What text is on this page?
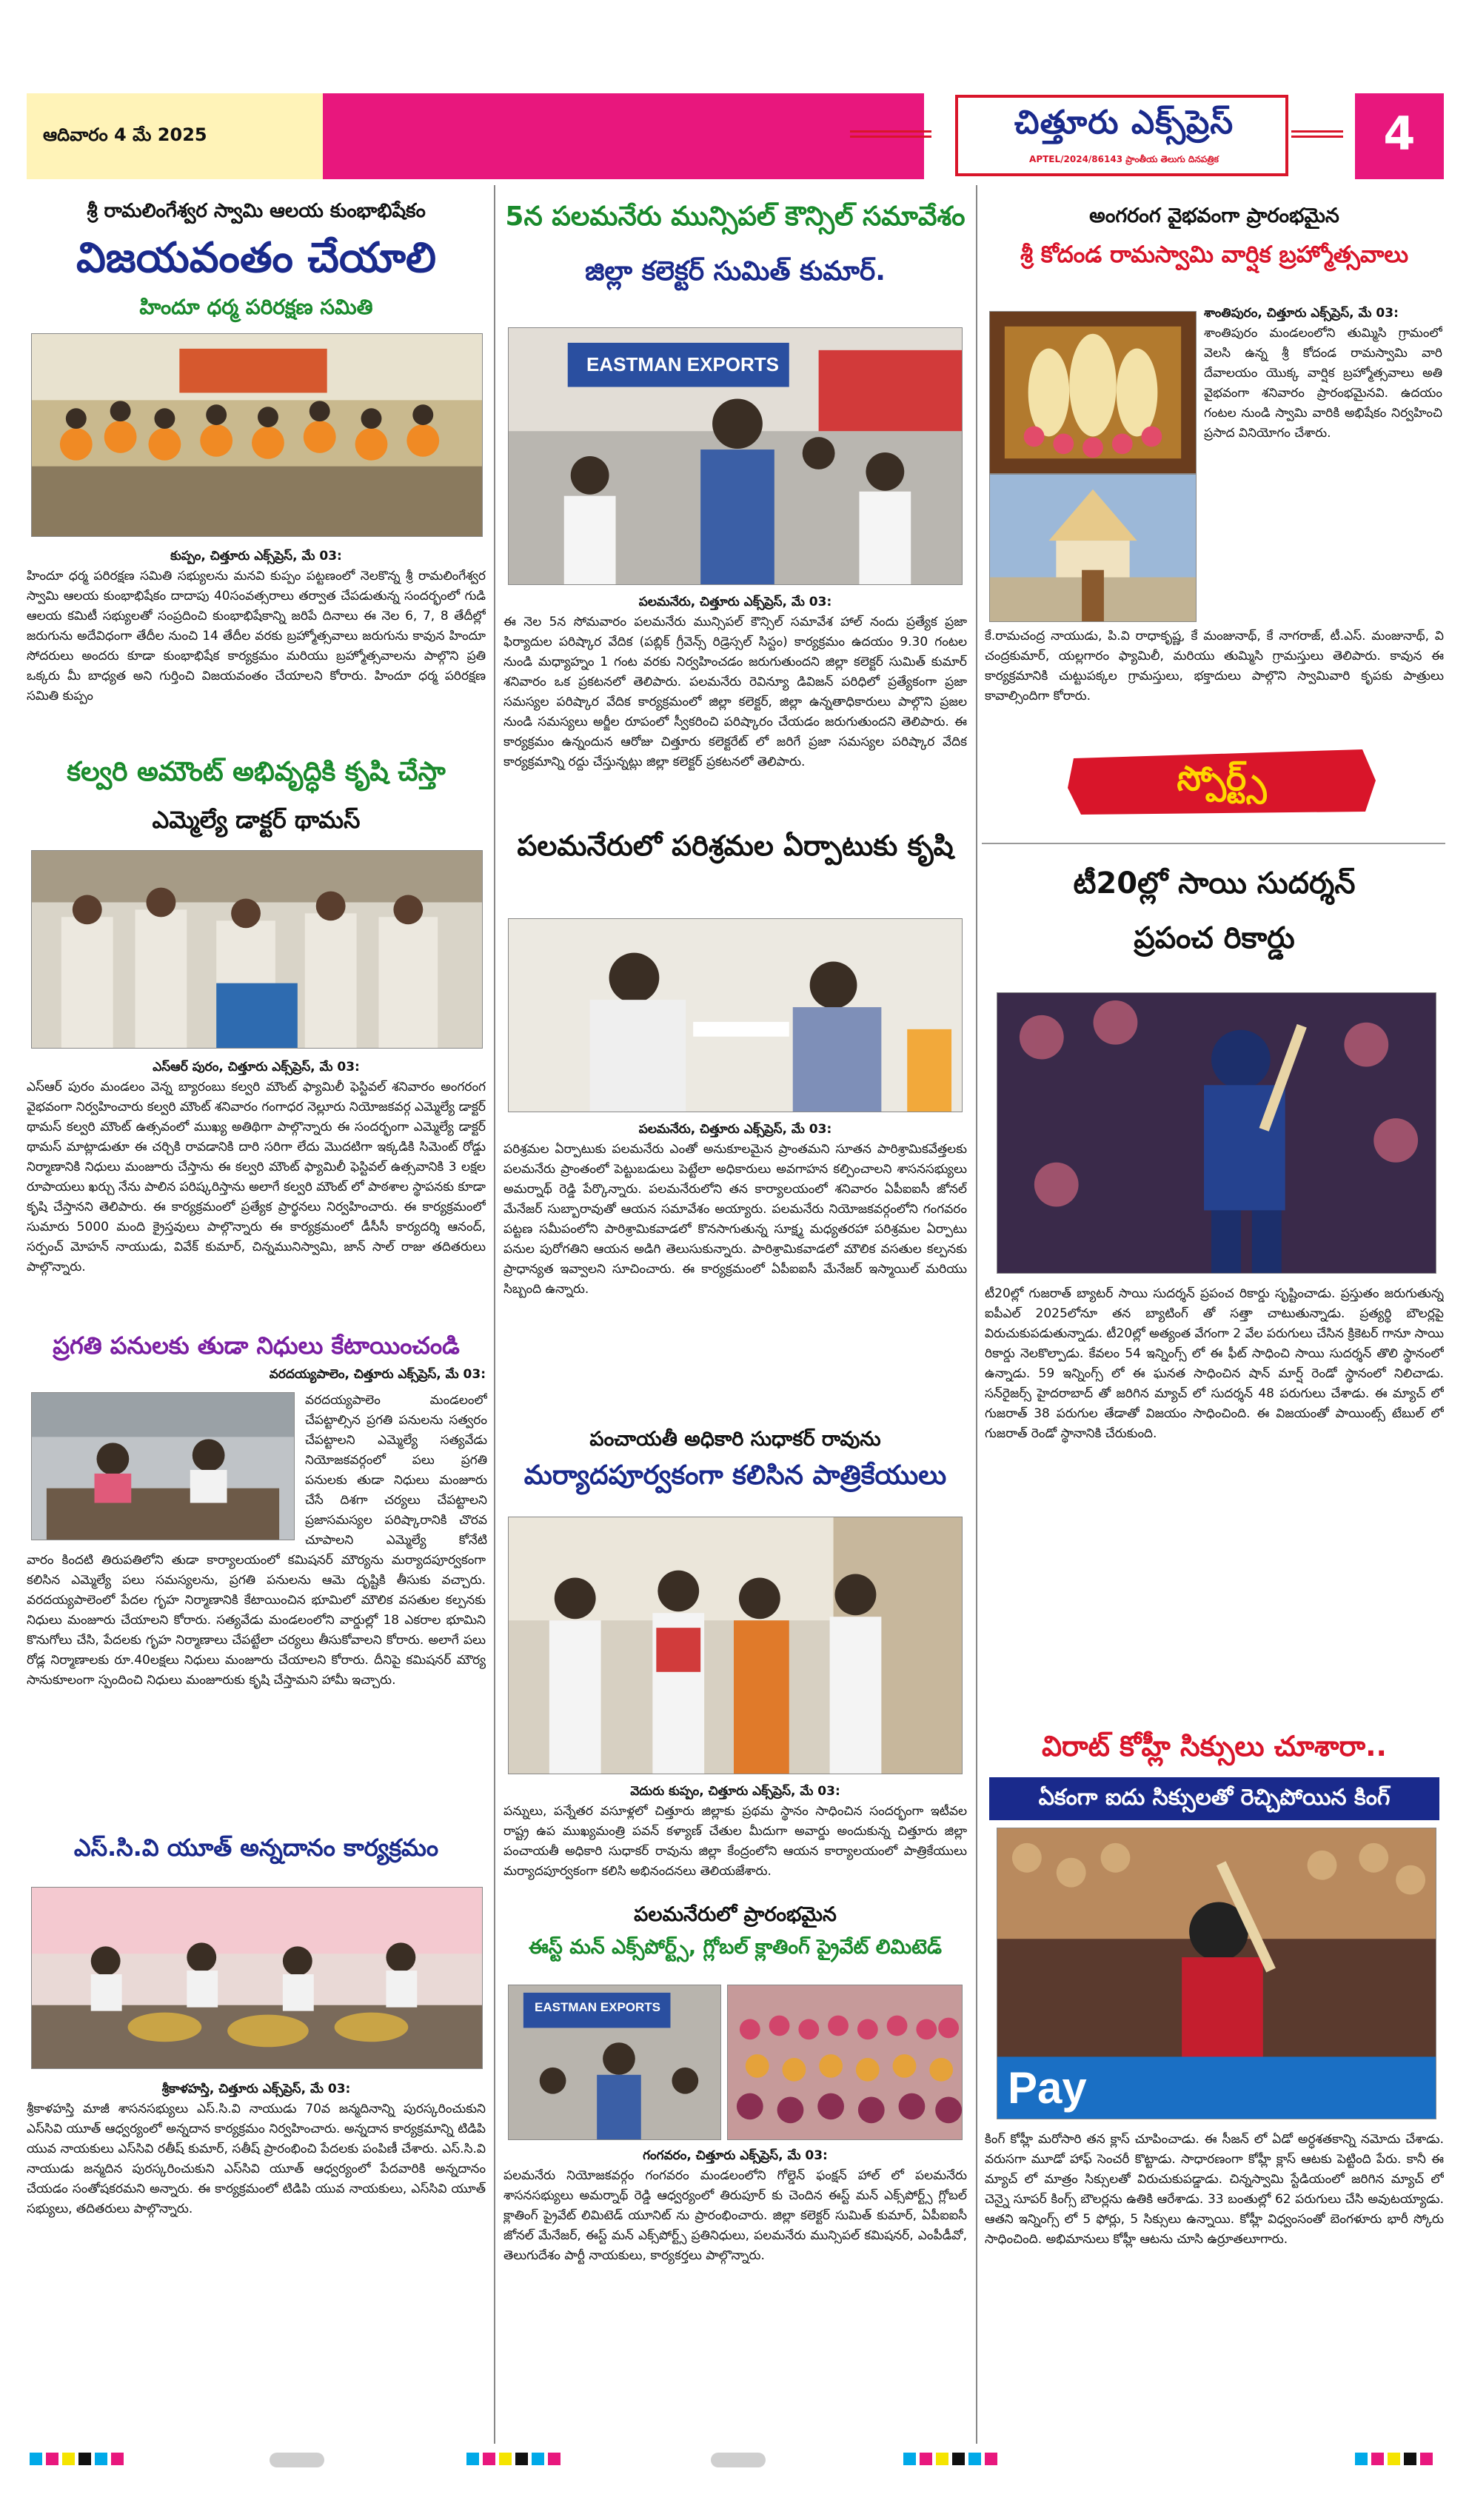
ఆదివారం 4 మే 2025	చిత్తూరు ఎక్స్‌ప్రెస్
APTEL/2024/86143 ప్రాంతీయ తెలుగు దినపత్రిక	4
శ్రీ రామలింగేశ్వర స్వామి ఆలయ కుంభాభిషేకం
విజయవంతం చేయాలి
హిందూ ధర్మ పరిరక్షణ సమితి
కుప్పం, చిత్తూరు ఎక్స్‌ప్రెస్, మే 03:
హిందూ ధర్మ పరిరక్షణ సమితి సభ్యులను మనవి కుప్పం పట్టణంలో నెలకొన్న శ్రీ రామలింగేశ్వర స్వామి ఆలయ కుంభాభిషేకం దాదాపు 40సంవత్సరాలు తర్వాత చేపడుతున్న సందర్భంలో గుడి ఆలయ కమిటీ సభ్యులతో సంప్రదించి కుంభాభిషేకాన్ని జరిపే దినాలు ఈ నెల 6, 7, 8 తేదీల్లో జరుగును అదేవిధంగా తేదీల నుంచి 14 తేదీల వరకు బ్రహ్మోత్సవాలు జరుగును కావున హిందూ సోదరులు అందరు కూడా కుంభాభిషేక కార్యక్రమం మరియు బ్రహ్మోత్సవాలను పాల్గొని ప్రతి ఒక్కరు మీ బాధ్యత అని గుర్తించి విజయవంతం చేయాలని కోరారు. హిందూ ధర్మ పరిరక్షణ సమితి కుప్పం
కల్వరి అమౌంట్ అభివృద్ధికి కృషి చేస్తా
ఎమ్మెల్యే డాక్టర్ థామస్
ఎస్ఆర్ పురం, చిత్తూరు ఎక్స్‌ప్రెస్, మే 03:
ఎస్ఆర్ పురం మండలం వెన్న బ్యారంబు కల్వరి మౌంట్ ఫ్యామిలీ ఫెస్టివల్ శనివారం అంగరంగ వైభవంగా నిర్వహించారు కల్వరి మౌంట్ శనివారం గంగాధర నెల్లూరు నియోజకవర్గ ఎమ్మెల్యే డాక్టర్ థామస్ కల్వరి మౌంట్ ఉత్సవంలో ముఖ్య అతిథిగా పాల్గొన్నారు ఈ సందర్భంగా ఎమ్మెల్యే డాక్టర్ థామస్ మాట్లాడుతూ ఈ చర్చికి రావడానికి దారి సరిగా లేదు మొదటిగా ఇక్కడికి సిమెంట్ రోడ్డు నిర్మాణానికి నిధులు మంజూరు చేస్తాను ఈ కల్వరి మౌంట్ ఫ్యామిలీ ఫెస్టివల్ ఉత్సవానికి 3 లక్షల రూపాయలు ఖర్చు నేను పాలిన పరిష్కరిస్తాను అలాగే కల్వరి మౌంట్ లో పాఠశాల స్థాపనకు కూడా కృషి చేస్తానని తెలిపారు. ఈ కార్యక్రమంలో ప్రత్యేక ప్రార్థనలు నిర్వహించారు. ఈ కార్యక్రమంలో సుమారు 5000 మంది క్రైస్తవులు పాల్గొన్నారు ఈ కార్యక్రమంలో డీసీసీ కార్యదర్శి ఆనంద్, సర్పంచ్ మోహన్ నాయుడు, వివేక్ కుమార్, చిన్నమునిస్వామి, జాన్ సాల్ రాజు తదితరులు పాల్గొన్నారు.
ప్రగతి పనులకు తుడా నిధులు కేటాయించండి
వరదయ్యపాలెం, చిత్తూరు ఎక్స్‌ప్రెస్, మే 03:
వరదయ్యపాలెం మండలంలో చేపట్టాల్సిన ప్రగతి పనులను సత్వరం చేపట్టాలని ఎమ్మెల్యే సత్యవేడు నియోజకవర్గంలో పలు ప్రగతి పనులకు తుడా నిధులు మంజూరు చేసే దిశగా చర్యలు చేపట్టాలని ప్రజాసమస్యల పరిష్కారానికి చొరవ చూపాలని ఎమ్మెల్యే కోనేటి
వారం కిందటి తిరుపతిలోని తుడా కార్యాలయంలో కమిషనర్ మౌర్యను మర్యాదపూర్వకంగా కలిసిన ఎమ్మెల్యే పలు సమస్యలను, ప్రగతి పనులను ఆమె దృష్టికి తీసుకు వచ్చారు. వరదయ్యపాలెంలో పేదల గృహ నిర్మాణానికి కేటాయించిన భూమిలో మౌలిక వసతుల కల్పనకు నిధులు మంజూరు చేయాలని కోరారు. సత్యవేడు మండలంలోని వార్డుల్లో 18 ఎకరాల భూమిని కొనుగోలు చేసి, పేదలకు గృహ నిర్మాణాలు చేపట్టేలా చర్యలు తీసుకోవాలని కోరారు. అలాగే పలు రోడ్ల నిర్మాణాలకు రూ.40లక్షలు నిధులు మంజూరు చేయాలని కోరారు. దీనిపై కమిషనర్ మౌర్య సానుకూలంగా స్పందించి నిధులు మంజూరుకు కృషి చేస్తామని హామీ ఇచ్చారు.
ఎస్.సి.వి యూత్ అన్నదానం కార్యక్రమం
శ్రీకాళహస్తి, చిత్తూరు ఎక్స్‌ప్రెస్, మే 03:
శ్రీకాళహస్తి మాజీ శాసనసభ్యులు ఎస్.సి.వి నాయుడు 70వ జన్మదినాన్ని పురస్కరించుకుని ఎస్‌సివి యూత్ ఆధ్వర్యంలో అన్నదాన కార్యక్రమం నిర్వహించారు. అన్నదాన కార్యక్రమాన్ని టిడిపి యువ నాయకులు ఎస్‌సివి రతీష్ కుమార్, సతీష్ ప్రారంభించి పేదలకు పంపిణీ చేశారు. ఎస్.సి.వి నాయుడు జన్మదిన పురస్కరించుకుని ఎస్‌సివి యూత్ ఆధ్వర్యంలో పేదవారికి అన్నదానం చేయడం సంతోషకరమని అన్నారు. ఈ కార్యక్రమంలో టిడిపి యువ నాయకులు, ఎస్‌సివి యూత్ సభ్యులు, తదితరులు పాల్గొన్నారు.
5న పలమనేరు మున్సిపల్ కౌన్సిల్ సమావేశం
జిల్లా కలెక్టర్ సుమిత్ కుమార్.
EASTMAN EXPORTS
పలమనేరు, చిత్తూరు ఎక్స్‌ప్రెస్, మే 03:
ఈ నెల 5న సోమవారం పలమనేరు మున్సిపల్ కౌన్సిల్ సమావేశ హాల్ నందు ప్రత్యేక ప్రజా ఫిర్యాదుల పరిష్కార వేదిక (పబ్లిక్ గ్రీవెన్స్ రిడ్రెస్సల్ సిస్టం) కార్యక్రమం ఉదయం 9.30 గంటల నుండి మధ్యాహ్నం 1 గంట వరకు నిర్వహించడం జరుగుతుందని జిల్లా కలెక్టర్ సుమిత్ కుమార్ శనివారం ఒక ప్రకటనలో తెలిపారు. పలమనేరు రెవిన్యూ డివిజన్ పరిధిలో ప్రత్యేకంగా ప్రజా సమస్యల పరిష్కార వేదిక కార్యక్రమంలో జిల్లా కలెక్టర్, జిల్లా ఉన్నతాధికారులు పాల్గొని ప్రజల నుండి సమస్యలు అర్జీల రూపంలో స్వీకరించి పరిష్కారం చేయడం జరుగుతుందని తెలిపారు. ఈ కార్యక్రమం ఉన్నందున ఆరోజు చిత్తూరు కలెక్టరేట్ లో జరిగే ప్రజా సమస్యల పరిష్కార వేదిక కార్యక్రమాన్ని రద్దు చేస్తున్నట్లు జిల్లా కలెక్టర్ ప్రకటనలో తెలిపారు.
పలమనేరులో పరిశ్రమల ఏర్పాటుకు కృషి
పలమనేరు, చిత్తూరు ఎక్స్‌ప్రెస్, మే 03:
పరిశ్రమల ఏర్పాటుకు పలమనేరు ఎంతో అనుకూలమైన ప్రాంతమని సూతన పారిశ్రామికవేత్తలకు పలమనేరు ప్రాంతంలో పెట్టుబడులు పెట్టేలా అధికారులు అవగాహన కల్పించాలని శాసనసభ్యులు అమర్నాథ్ రెడ్డి పేర్కొన్నారు. పలమనేరులోని తన కార్యాలయంలో శనివారం ఏపీఐఐసీ జోనల్ మేనేజర్ సుబ్బారావుతో ఆయన సమావేశం అయ్యారు. పలమనేరు నియోజకవర్గంలోని గంగవరం పట్టణ సమీపంలోని పారిశ్రామికవాడలో కొనసాగుతున్న సూక్ష్మ మధ్యతరహా పరిశ్రమల ఏర్పాటు పనుల పురోగతిని ఆయన అడిగి తెలుసుకున్నారు. పారిశ్రామికవాడలో మౌలిక వసతుల కల్పనకు ప్రాధాన్యత ఇవ్వాలని సూచించారు. ఈ కార్యక్రమంలో ఏపీఐఐసీ మేనేజర్ ఇస్మాయిల్ మరియు సిబ్బంది ఉన్నారు.
పంచాయతీ అధికారి సుధాకర్ రావును
మర్యాదపూర్వకంగా కలిసిన పాత్రికేయులు
వెదురు కుప్పం, చిత్తూరు ఎక్స్‌ప్రెస్, మే 03:
పన్నులు, పన్నేతర వసూళ్లలో చిత్తూరు జిల్లాకు ప్రథమ స్థానం సాధించిన సందర్భంగా ఇటీవల రాష్ట్ర ఉప ముఖ్యమంత్రి పవన్ కళ్యాణ్ చేతుల మీదుగా అవార్డు అందుకున్న చిత్తూరు జిల్లా పంచాయతీ అధికారి సుధాకర్ రావును జిల్లా కేంద్రంలోని ఆయన కార్యాలయంలో పాత్రికేయులు మర్యాదపూర్వకంగా కలిసి అభినందనలు తెలియజేశారు.
పలమనేరులో ప్రారంభమైన
ఈస్ట్ మన్ ఎక్స్‌పోర్ట్స్, గ్లోబల్ క్లాతింగ్ ప్రైవేట్ లిమిటెడ్
EASTMAN EXPORTS
గంగవరం, చిత్తూరు ఎక్స్‌ప్రెస్, మే 03:
పలమనేరు నియోజకవర్గం గంగవరం మండలంలోని గోల్డెన్ ఫంక్షన్ హాల్ లో పలమనేరు శాసనసభ్యులు అమర్నాథ్ రెడ్డి ఆధ్వర్యంలో తిరుపూర్ కు చెందిన ఈస్ట్ మన్ ఎక్స్‌పోర్ట్స్ గ్లోబల్ క్లాతింగ్ ప్రైవేట్ లిమిటెడ్ యూనిట్ ను ప్రారంభించారు. జిల్లా కలెక్టర్ సుమిత్ కుమార్, ఏపీఐఐసీ జోనల్ మేనేజర్, ఈస్ట్ మన్ ఎక్స్‌పోర్ట్స్ ప్రతినిధులు, పలమనేరు మున్సిపల్ కమిషనర్, ఎంపీడీవో, తెలుగుదేశం పార్టీ నాయకులు, కార్యకర్తలు పాల్గొన్నారు.
అంగరంగ వైభవంగా ప్రారంభమైన
శ్రీ కోదండ రామస్వామి వార్షిక బ్రహ్మోత్సవాలు
శాంతిపురం, చిత్తూరు ఎక్స్‌ప్రెస్, మే 03:
శాంతిపురం మండలంలోని తుమ్మిసి గ్రామంలో వెలసి ఉన్న శ్రీ కోదండ రామస్వామి వారి దేవాలయం యొక్క వార్షిక బ్రహ్మోత్సవాలు అతి వైభవంగా శనివారం ప్రారంభమైనవి. ఉదయం గంటల నుండి స్వామి వారికి అభిషేకం నిర్వహించి ప్రసాద వినియోగం చేశారు.
కే.రామచంద్ర నాయుడు, పి.వి రాధాకృష్ణ, కే మంజునాథ్, కే నాగరాజ్, టీ.ఎస్. మంజునాథ్, వి చంద్రకుమార్, యల్లగారం ఫ్యామిలీ, మరియు తుమ్మిసి గ్రామస్తులు తెలిపారు. కావున ఈ కార్యక్రమానికి చుట్టుపక్కల గ్రామస్తులు, భక్తాదులు పాల్గొని స్వామివారి కృపకు పాత్రులు కావాల్సిందిగా కోరారు.
స్పోర్ట్స్
టీ20ల్లో సాయి సుదర్శన్
ప్రపంచ రికార్డు
టీ20ల్లో గుజరాత్ బ్యాటర్ సాయి సుదర్శన్ ప్రపంచ రికార్డు సృష్టించాడు. ప్రస్తుతం జరుగుతున్న ఐపీఎల్ 2025లోనూ తన బ్యాటింగ్ తో సత్తా చాటుతున్నాడు. ప్రత్యర్థి బౌలర్లపై విరుచుకుపడుతున్నాడు. టీ20ల్లో అత్యంత వేగంగా 2 వేల పరుగులు చేసిన క్రికెటర్ గానూ సాయి రికార్డు నెలకొల్పాడు. కేవలం 54 ఇన్నింగ్స్ లో ఈ ఫీట్ సాధించి సాయి సుదర్శన్ తొలి స్థానంలో ఉన్నాడు. 59 ఇన్నింగ్స్ లో ఈ ఘనత సాధించిన షాన్ మార్ష్ రెండో స్థానంలో నిలిచాడు. సన్‌రైజర్స్ హైదరాబాద్ తో జరిగిన మ్యాచ్ లో సుదర్శన్ 48 పరుగులు చేశాడు. ఈ మ్యాచ్ లో గుజరాత్ 38 పరుగుల తేడాతో విజయం సాధించింది. ఈ విజయంతో పాయింట్స్ టేబుల్ లో గుజరాత్ రెండో స్థానానికి చేరుకుంది.
విరాట్ కోహ్లీ సిక్సులు చూశారా..
ఏకంగా ఐదు సిక్సులతో రెచ్చిపోయిన కింగ్
Pay
కింగ్ కోహ్లీ మరోసారి తన క్లాస్ చూపించాడు. ఈ సీజన్ లో ఏడో అర్ధశతకాన్ని నమోదు చేశాడు. వరుసగా మూడో హాఫ్ సెంచరీ కొట్టాడు. సాధారణంగా కోహ్లీ క్లాస్ ఆటకు పెట్టింది పేరు. కానీ ఈ మ్యాచ్ లో మాత్రం సిక్సులతో విరుచుకుపడ్డాడు. చిన్నస్వామి స్టేడియంలో జరిగిన మ్యాచ్ లో చెన్నై సూపర్ కింగ్స్ బౌలర్లను ఉతికి ఆరేశాడు. 33 బంతుల్లో 62 పరుగులు చేసి అవుటయ్యాడు. ఆతని ఇన్నింగ్స్ లో 5 ఫోర్లు, 5 సిక్సులు ఉన్నాయి. కోహ్లీ విధ్వంసంతో బెంగళూరు భారీ స్కోరు సాధించింది. అభిమానులు కోహ్లీ ఆటను చూసి ఉర్రూతలూగారు.
